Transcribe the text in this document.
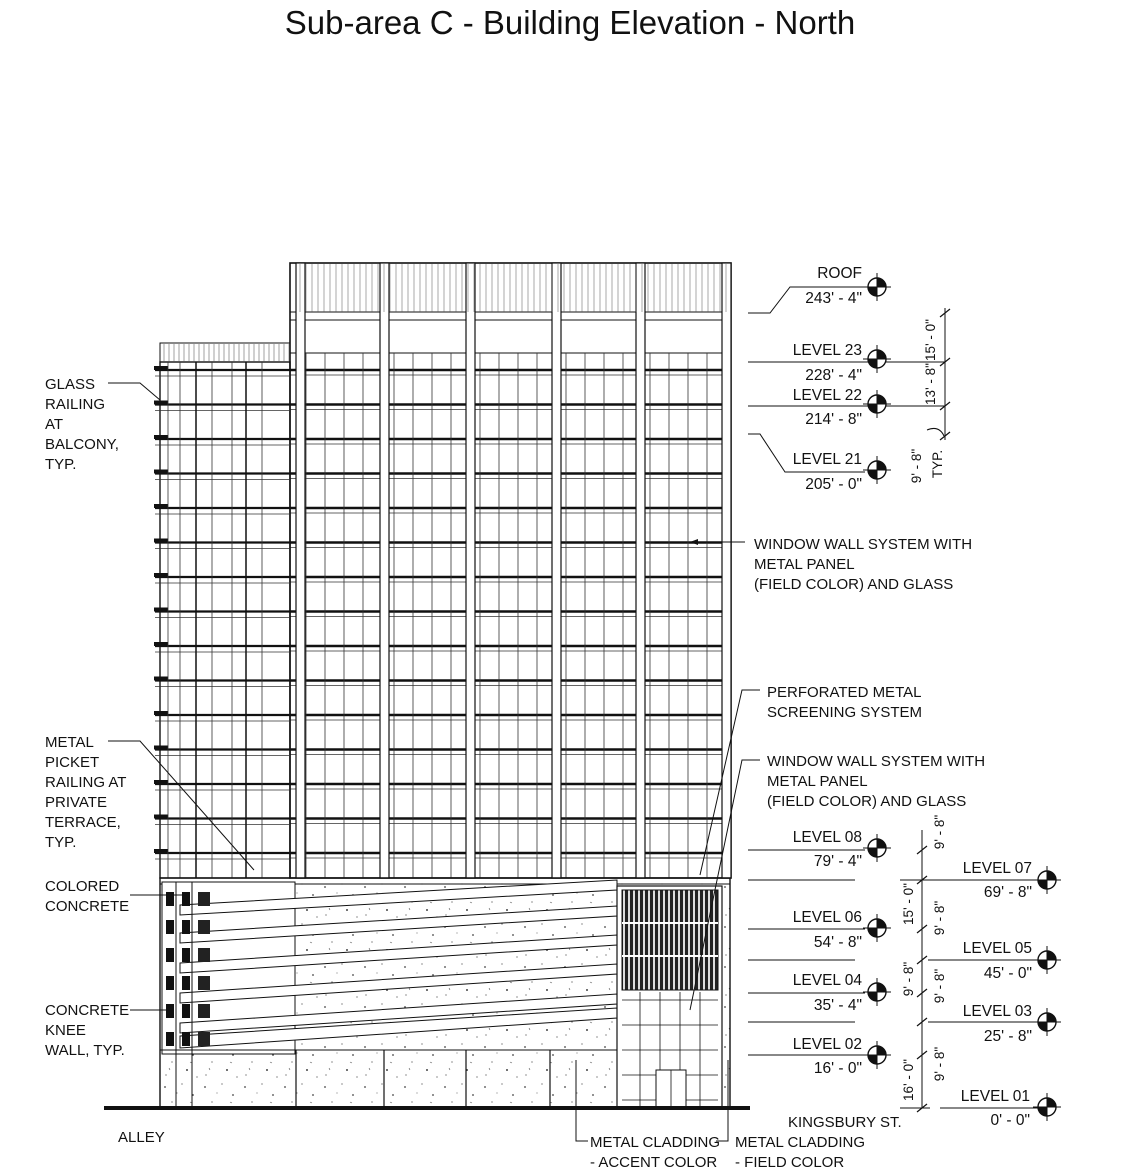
Sub-area C - Building Elevation - North
GLASS
RAILING
AT
BALCONY,
TYP.
WINDOW WALL SYSTEM WITH
METAL PANEL
(FIELD COLOR) AND GLASS
PERFORATED METAL
SCREENING SYSTEM
WINDOW WALL SYSTEM WITH
METAL PANEL
(FIELD COLOR) AND GLASS
METAL
PICKET
RAILING AT
PRIVATE
TERRACE,
TYP.
COLORED
CONCRETE
CONCRETE
KNEE
WALL, TYP.
ALLEY
KINGSBURY ST.
METAL CLADDING
- ACCENT COLOR
METAL CLADDING
- FIELD COLOR
ROOF
243' - 4"
LEVEL 23
228' - 4"
LEVEL 22
214' - 8"
LEVEL 21
205' - 0"
LEVEL 08
79' - 4"	LEVEL 07
69' - 8"
LEVEL 06
54' - 8"	LEVEL 05
45' - 0"
LEVEL 04
35' - 4"	LEVEL 03
25' - 8"
LEVEL 02
16' - 0"
LEVEL 01
0' - 0"
15' - 0"
13' - 8"
9' - 8" TYP.
9' - 8"
15' - 0" 9' - 8"
9' - 8" 9' - 8"
9' - 8"
16' - 0"
